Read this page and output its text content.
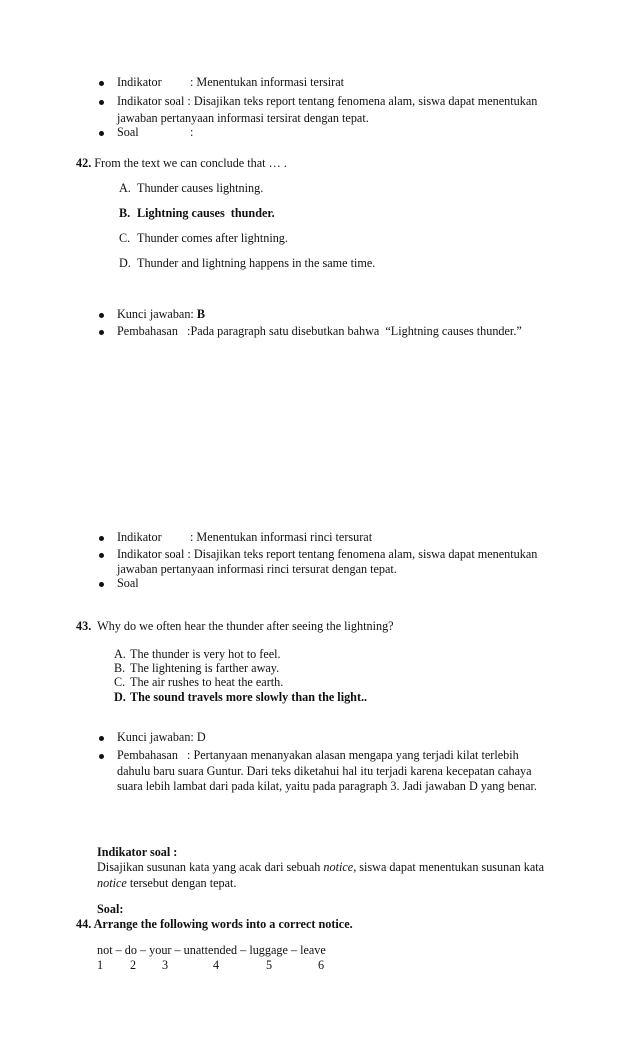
Indikator : Menentukan informasi tersirat
Indikator soal : Disajikan teks report tentang fenomena alam, siswa dapat menentukan
jawaban pertanyaan informasi tersirat dengan tepat.
Soal	:
42. From the text we can conclude that … .
A. Thunder causes lightning.
B. Lightning causes  thunder.
C. Thunder comes after lightning.
D. Thunder and lightning happens in the same time.
Kunci jawaban: B
Pembahasan   :Pada paragraph satu disebutkan bahwa  “Lightning causes thunder.”
Indikator : Menentukan informasi rinci tersurat
Indikator soal : Disajikan teks report tentang fenomena alam, siswa dapat menentukan
jawaban pertanyaan informasi rinci tersurat dengan tepat.
Soal
43. Why do we often hear the thunder after seeing the lightning?
A. The thunder is very hot to feel.
B. The lightening is farther away.
C. The air rushes to heat the earth.
D. The sound travels more slowly than the light..
Kunci jawaban: D
Pembahasan   : Pertanyaan menanyakan alasan mengapa yang terjadi kilat terlebih
dahulu baru suara Guntur. Dari teks diketahui hal itu terjadi karena kecepatan cahaya
suara lebih lambat dari pada kilat, yaitu pada paragraph 3. Jadi jawaban D yang benar.
Indikator soal :
Disajikan susunan kata yang acak dari sebuah notice, siswa dapat menentukan susunan kata
notice tersebut dengan tepat.
Soal:
44. Arrange the following words into a correct notice.
not – do – your – unattended – luggage – leave
1 2 3	4	5	6
